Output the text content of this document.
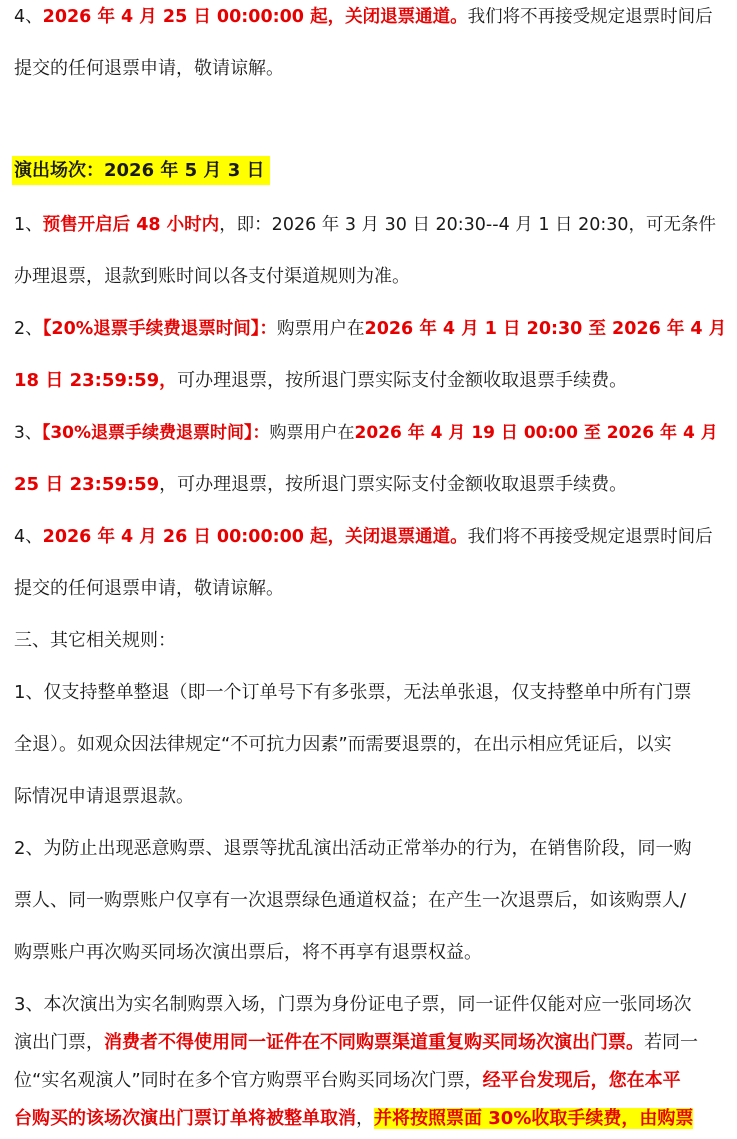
4、2026 年 4 月 25 日 00:00:00 起，关闭退票通道。我们将不再接受规定退票时间后
提交的任何退票申请，敬请谅解。
演出场次：2026 年 5 月 3 日
1、预售开启后 48 小时内，即：2026 年 3 月 30 日 20:30--4 月 1 日 20:30，可无条件
办理退票，退款到账时间以各支付渠道规则为准。
2、【20%退票手续费退票时间】：购票用户在2026 年 4 月 1 日 20:30 至 2026 年 4 月
18 日 23:59:59，可办理退票，按所退门票实际支付金额收取退票手续费。
3、【30%退票手续费退票时间】：购票用户在2026 年 4 月 19 日 00:00 至 2026 年 4 月
25 日 23:59:59，可办理退票，按所退门票实际支付金额收取退票手续费。
4、2026 年 4 月 26 日 00:00:00 起，关闭退票通道。我们将不再接受规定退票时间后
提交的任何退票申请，敬请谅解。
三、其它相关规则：
1、仅支持整单整退（即一个订单号下有多张票，无法单张退，仅支持整单中所有门票
全退）。如观众因法律规定“不可抗力因素”而需要退票的，在出示相应凭证后，以实
际情况申请退票退款。
2、为防止出现恶意购票、退票等扰乱演出活动正常举办的行为，在销售阶段，同一购
票人、同一购票账户仅享有一次退票绿色通道权益；在产生一次退票后，如该购票人/
购票账户再次购买同场次演出票后，将不再享有退票权益。
3、本次演出为实名制购票入场，门票为身份证电子票，同一证件仅能对应一张同场次
演出门票，消费者不得使用同一证件在不同购票渠道重复购买同场次演出门票。若同一
位“实名观演人”同时在多个官方购票平台购买同场次门票，经平台发现后，您在本平
台购买的该场次演出门票订单将被整单取消，并将按照票面 30%收取手续费，由购票
